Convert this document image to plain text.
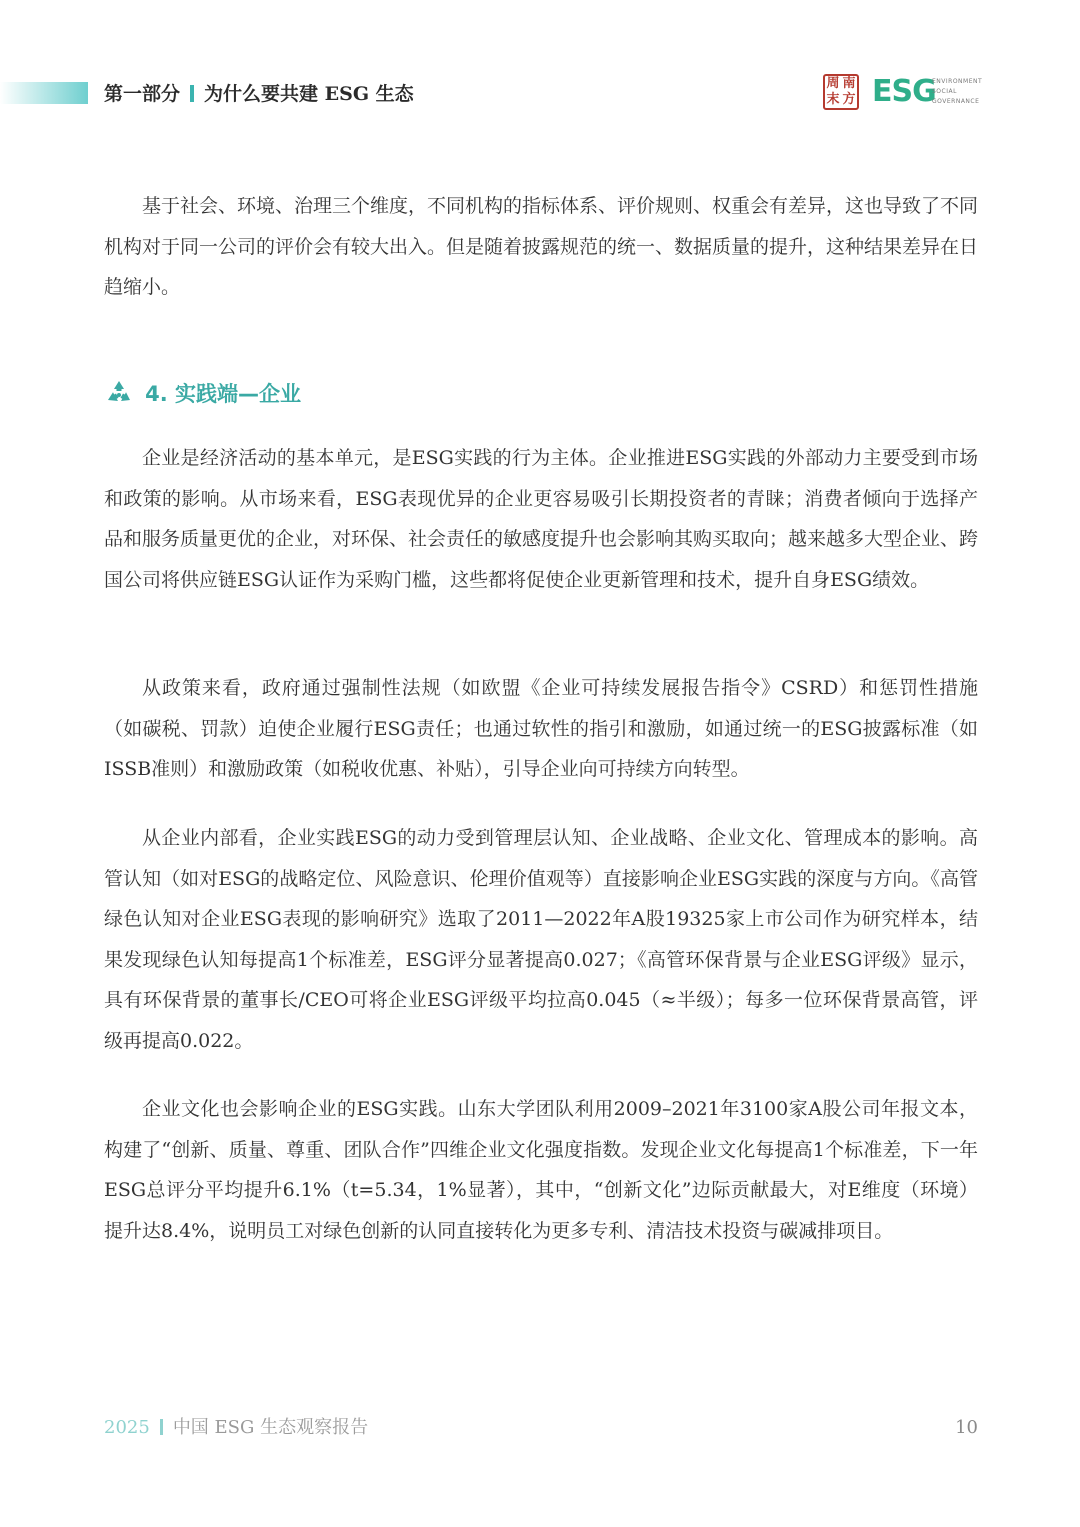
第一部分 为什么要共建 ESG 生态	周 南
末 方 ESG
ENVIRONMENT
SOCIAL
GOVERNANCE

基于社会、环境、治理三个维度，不同机构的指标体系、评价规则、权重会有差异，这也导致了不同机构对于同一公司的评价会有较大出入。但是随着披露规范的统一、数据质量的提升，这种结果差异在日趋缩小。

4. 实践端—企业

企业是经济活动的基本单元，是ESG实践的行为主体。企业推进ESG实践的外部动力主要受到市场和政策的影响。从市场来看，ESG表现优异的企业更容易吸引长期投资者的青睐；消费者倾向于选择产品和服务质量更优的企业，对环保、社会责任的敏感度提升也会影响其购买取向；越来越多大型企业、跨国公司将供应链ESG认证作为采购门槛，这些都将促使企业更新管理和技术，提升自身ESG绩效。

从政策来看，政府通过强制性法规（如欧盟《企业可持续发展报告指令》CSRD）和惩罚性措施（如碳税、罚款）迫使企业履行ESG责任；也通过软性的指引和激励，如通过统一的ESG披露标准（如ISSB准则）和激励政策（如税收优惠、补贴），引导企业向可持续方向转型。

从企业内部看，企业实践ESG的动力受到管理层认知、企业战略、企业文化、管理成本的影响。高管认知（如对ESG的战略定位、风险意识、伦理价值观等）直接影响企业ESG实践的深度与方向。《高管绿色认知对企业ESG表现的影响研究》选取了2011—2022年A股19325家上市公司作为研究样本，结果发现绿色认知每提高1个标准差，ESG评分显著提高0.027；《高管环保背景与企业ESG评级》显示，具有环保背景的董事长/CEO可将企业ESG评级平均拉高0.045（≈半级）；每多一位环保背景高管，评级再提高0.022。

企业文化也会影响企业的ESG实践。山东大学团队利用2009–2021年3100家A股公司年报文本，构建了“创新、质量、尊重、团队合作”四维企业文化强度指数。发现企业文化每提高1个标准差，下一年ESG总评分平均提升6.1%（t=5.34，1%显著），其中，“创新文化”边际贡献最大，对E维度（环境）提升达8.4%，说明员工对绿色创新的认同直接转化为更多专利、清洁技术投资与碳减排项目。

2025 中国 ESG 生态观察报告	10
